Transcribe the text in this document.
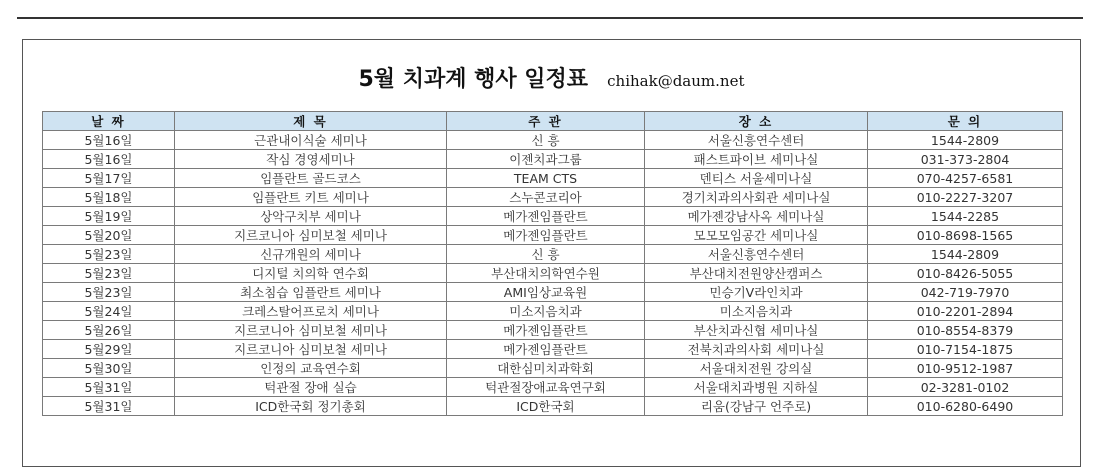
5월 치과계 행사 일정표 chihak@daum.net
날 짜	제 목	주 관	장 소	문 의
5월16일	근관내이식술 세미나	신 흥	서울신흥연수센터	1544-2809
5월16일	작심 경영세미나	이젠치과그룹	패스트파이브 세미나실	031-373-2804
5월17일	임플란트 골드코스	TEAM CTS	덴티스 서울세미나실	070-4257-6581
5월18일	임플란트 키트 세미나	스누콘코리아	경기치과의사회관 세미나실	010-2227-3207
5월19일	상악구치부 세미나	메가젠임플란트	메가젠강남사옥 세미나실	1544-2285
5월20일	지르코니아 심미보철 세미나	메가젠임플란트	모모모임공간 세미나실	010-8698-1565
5월23일	신규개원의 세미나	신 흥	서울신흥연수센터	1544-2809
5월23일	디지털 치의학 연수회	부산대치의학연수원	부산대치전원양산캠퍼스	010-8426-5055
5월23일	최소침습 임플란트 세미나	AMI임상교육원	민승기V라인치과	042-719-7970
5월24일	크레스탈어프로치 세미나	미소지음치과	미소지음치과	010-2201-2894
5월26일	지르코니아 심미보철 세미나	메가젠임플란트	부산치과신협 세미나실	010-8554-8379
5월29일	지르코니아 심미보철 세미나	메가젠임플란트	전북치과의사회 세미나실	010-7154-1875
5월30일	인정의 교육연수회	대한심미치과학회	서울대치전원 강의실	010-9512-1987
5월31일	턱관절 장애 실습	턱관절장애교육연구회	서울대치과병원 지하실	02-3281-0102
5월31일	ICD한국회 정기총회	ICD한국회	리움(강남구 언주로)	010-6280-6490
